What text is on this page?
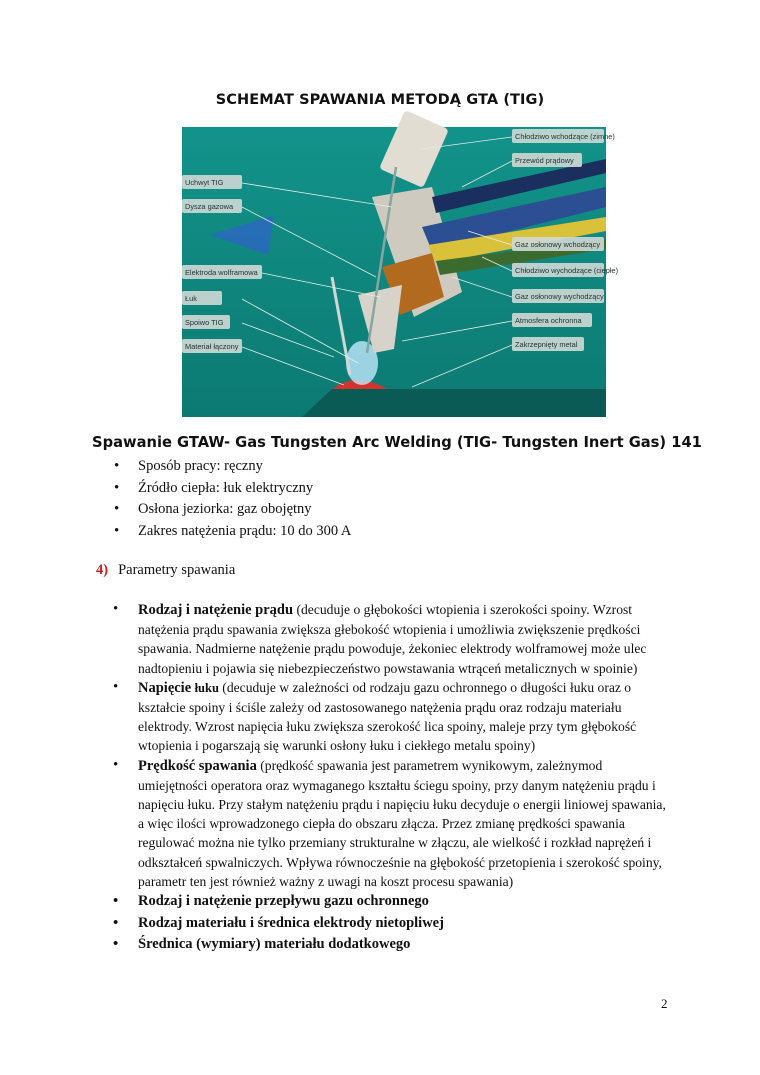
SCHEMAT SPAWANIA METODĄ GTA (TIG)
Chłodziwo wchodzące (zimne)
Przewód prądowy
Gaz osłonowy wchodzący
Chłodziwo wychodzące (ciepłe)
Gaz osłonowy wychodzący
Atmosfera ochronna
Zakrzepnięty metal
Uchwyt TIG
Dysza gazowa
Elektroda wolframowa
Łuk
Spoiwo TIG
Materiał łączony
Spawanie GTAW- Gas Tungsten Arc Welding (TIG- Tungsten Inert Gas) 141
• Sposób pracy: ręczny
• Źródło ciepła: łuk elektryczny
• Osłona jeziorka: gaz obojętny
• Zakres natężenia prądu: 10 do 300 A
4) Parametry spawania
• Rodzaj i natężenie prądu (decuduje o głębokości wtopienia i szerokości spoiny. Wzrost natężenia prądu spawania zwiększa głebokość wtopienia i umożliwia zwiększenie prędkości spawania. Nadmierne natężenie prądu powoduje, żekoniec elektrody wolframowej może ulec nadtopieniu i pojawia się niebezpieczeństwo powstawania wtrąceń metalicznych w spoinie)
• Napięcie łuku (decuduje w zależności od rodzaju gazu ochronnego o długości łuku oraz o kształcie spoiny i ściśle zależy od zastosowanego natężenia prądu oraz rodzaju materiału elektrody. Wzrost napięcia łuku zwiększa szerokość lica spoiny, maleje przy tym głębokość wtopienia i pogarszają się warunki osłony łuku i ciekłego metalu spoiny)
• Prędkość spawania (prędkość spawania jest parametrem wynikowym, zależnymod umiejętności operatora oraz wymaganego kształtu ściegu spoiny, przy danym natężeniu prądu i napięciu łuku. Przy stałym natężeniu prądu i napięciu łuku decyduje o energii liniowej spawania, a więc ilości wprowadzonego ciepła do obszaru złącza. Przez zmianę prędkości spawania regulować można nie tylko przemiany strukturalne w złączu, ale wielkość i rozkład naprężeń i odkształceń spwalniczych. Wpływa równocześnie na głębokość przetopienia i szerokość spoiny, parametr ten jest również ważny z uwagi na koszt procesu spawania)
• Rodzaj i natężenie przepływu gazu ochronnego
• Rodzaj materiału i średnica elektrody nietopliwej
• Średnica (wymiary) materiału dodatkowego
2
